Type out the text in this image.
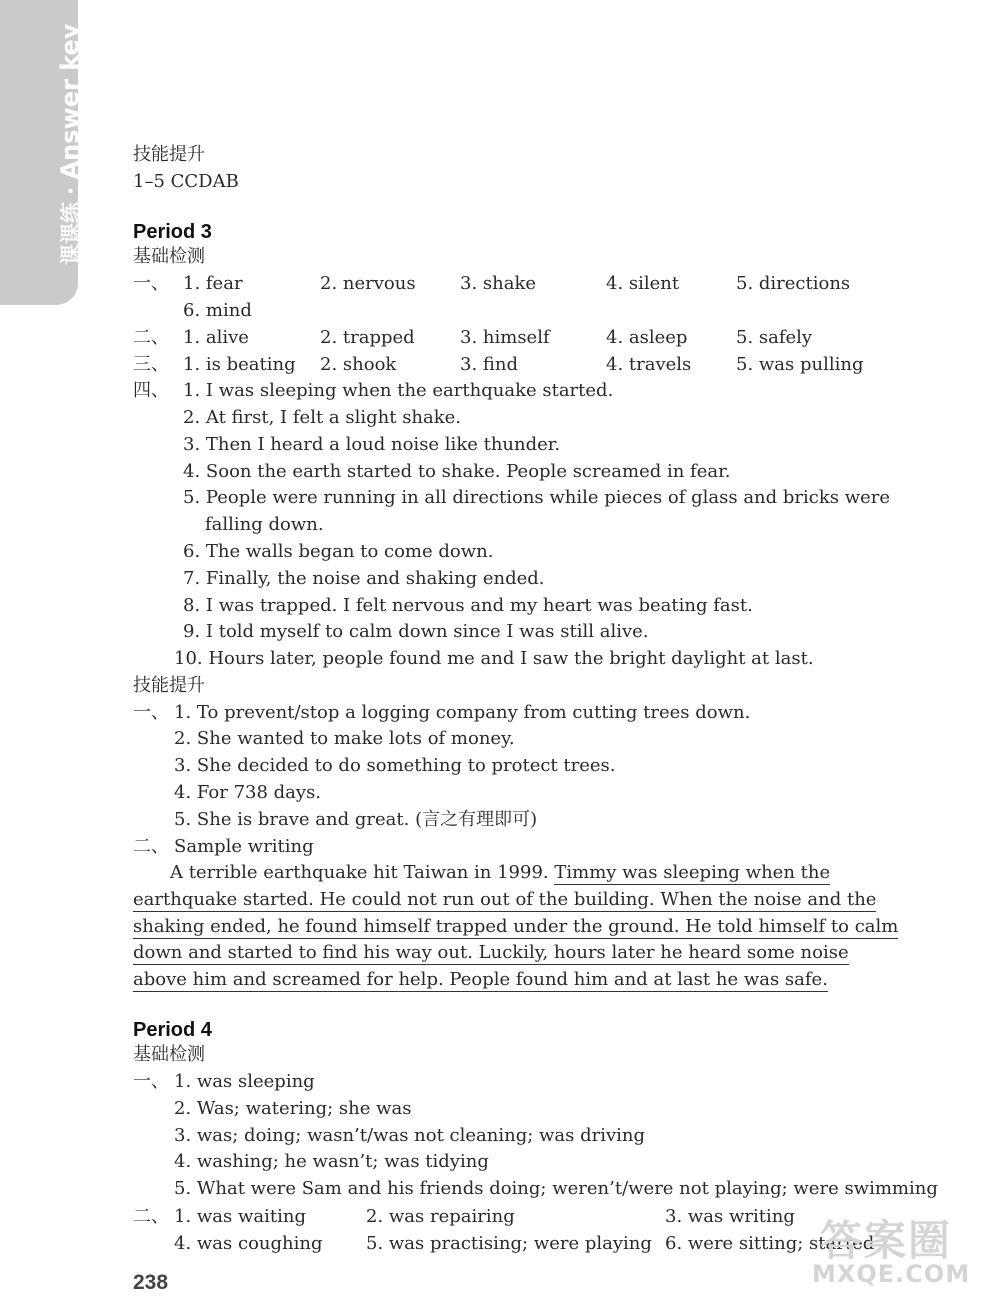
课课练 · Answer key	技能提升
1–5 CCDAB
Period 3
基础检测
一、 1. fear	2. nervous 3. shake	4. silent	5. directions
6. mind
二、 1. alive	2. trapped	3. himself	4. asleep	5. safely
三、 1. is beating 2. shook	3. find	4. travels 5. was pulling
四、 1. I was sleeping when the earthquake started.
2. At first, I felt a slight shake.
3. Then I heard a loud noise like thunder.
4. Soon the earth started to shake. People screamed in fear.
5. People were running in all directions while pieces of glass and bricks were
falling down.
6. The walls began to come down.
7. Finally, the noise and shaking ended.
8. I was trapped. I felt nervous and my heart was beating fast.
9. I told myself to calm down since I was still alive.
10. Hours later, people found me and I saw the bright daylight at last.
技能提升
一、 1. To prevent/stop a logging company from cutting trees down.
2. She wanted to make lots of money.
3. She decided to do something to protect trees.
4. For 738 days.
5. She is brave and great. (言之有理即可)
二、 Sample writing
A terrible earthquake hit Taiwan in 1999. Timmy was sleeping when the
earthquake started. He could not run out of the building. When the noise and the
shaking ended, he found himself trapped under the ground. He told himself to calm
down and started to find his way out. Luckily, hours later he heard some noise
above him and screamed for help. People found him and at last he was safe.
Period 4
基础检测
一、 1. was sleeping
2. Was; watering; she was
3. was; doing; wasn’t/was not cleaning; was driving
4. washing; he wasn’t; was tidying
5. What were Sam and his friends doing; weren’t/were not playing; were swimming
二、 1. was waiting	2. was repairing	3. was writing
4. was coughing 5. was practising; were playing 6. were sitting; started
238
答案圈
MXQE.COM
